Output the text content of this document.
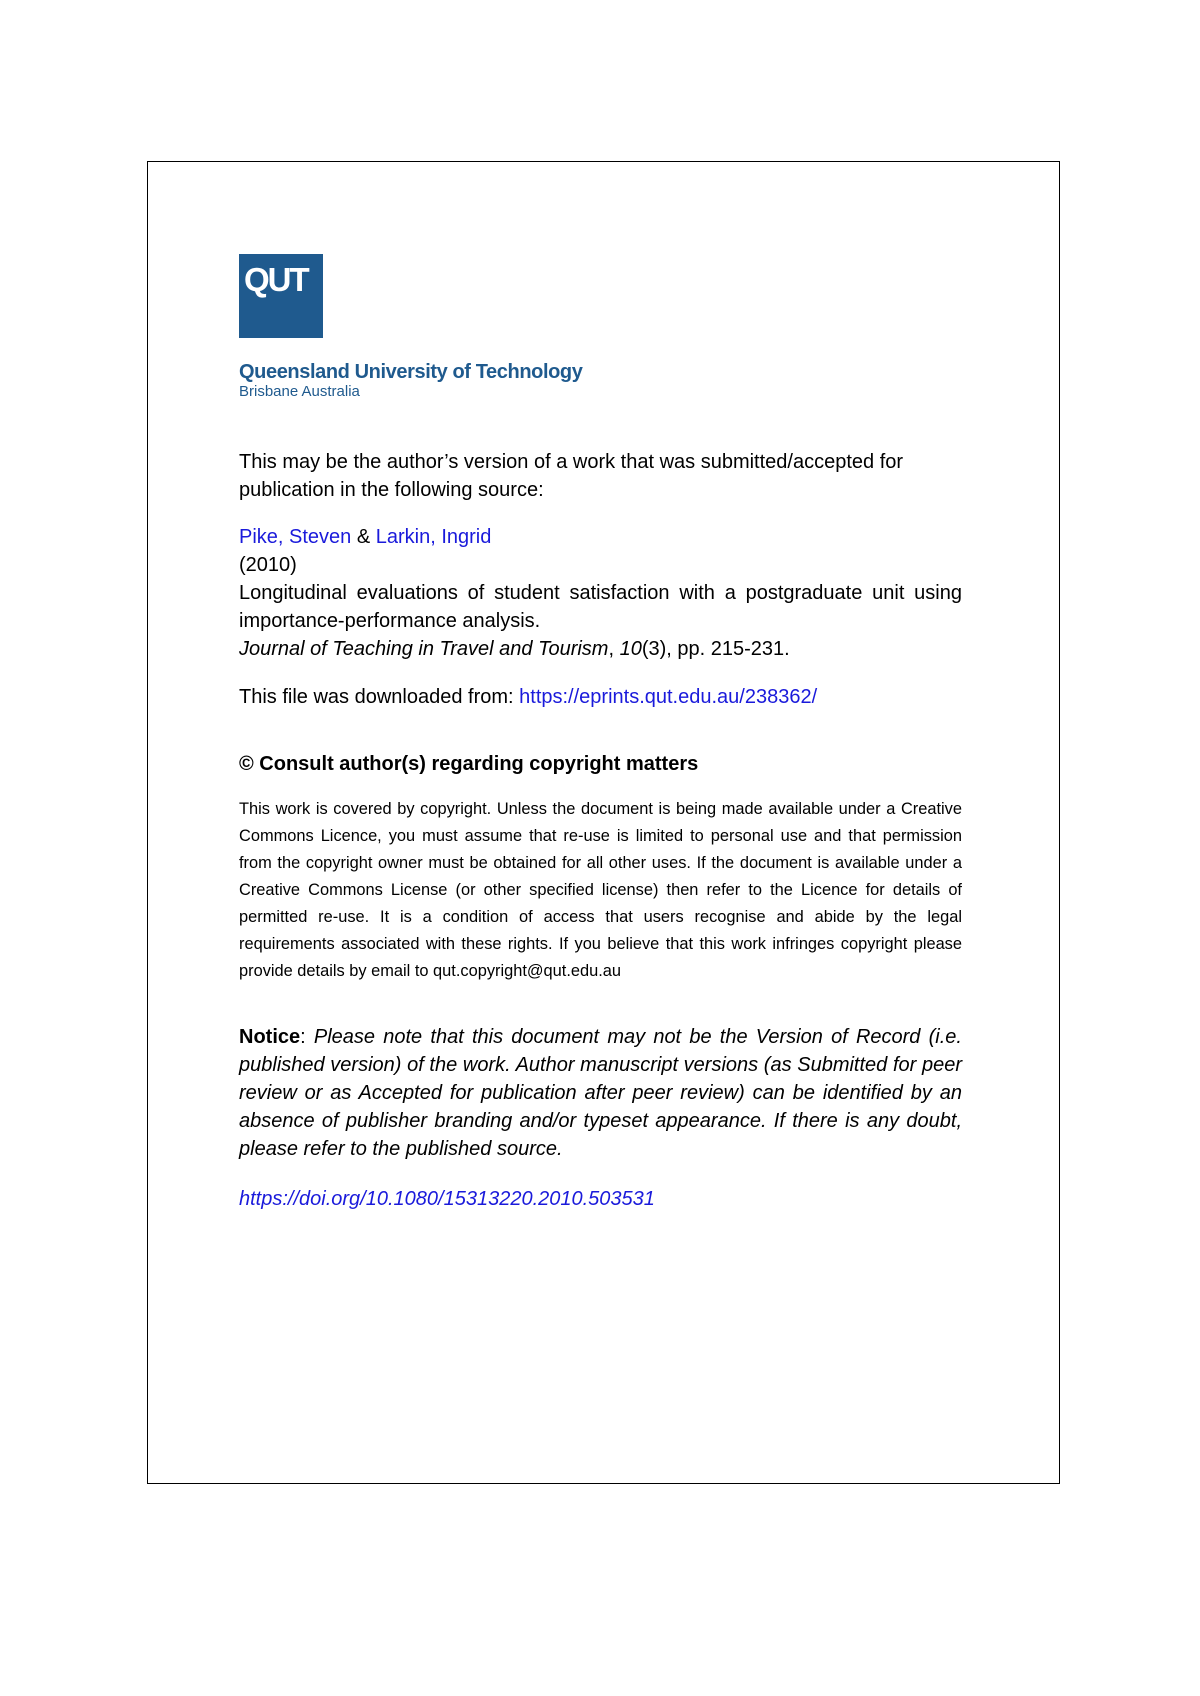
QUT
Queensland University of Technology
Brisbane Australia
This may be the author’s version of a work that was submitted/accepted for publication in the following source:
Pike, Steven & Larkin, Ingrid
(2010)
Longitudinal evaluations of student satisfaction with a postgraduate unit using importance-performance analysis.
Journal of Teaching in Travel and Tourism, 10(3), pp. 215-231.
This file was downloaded from: https://eprints.qut.edu.au/238362/
© Consult author(s) regarding copyright matters
This work is covered by copyright. Unless the document is being made available under a Creative Commons Licence, you must assume that re-use is limited to personal use and that permission from the copyright owner must be obtained for all other uses. If the document is available under a Creative Commons License (or other specified license) then refer to the Licence for details of permitted re-use. It is a condition of access that users recognise and abide by the legal requirements associated with these rights. If you believe that this work infringes copyright please provide details by email to qut.copyright@qut.edu.au
Notice: Please note that this document may not be the Version of Record (i.e. published version) of the work. Author manuscript versions (as Submitted for peer review or as Accepted for publication after peer review) can be identified by an absence of publisher branding and/or typeset appearance. If there is any doubt, please refer to the published source.
https://doi.org/10.1080/15313220.2010.503531
